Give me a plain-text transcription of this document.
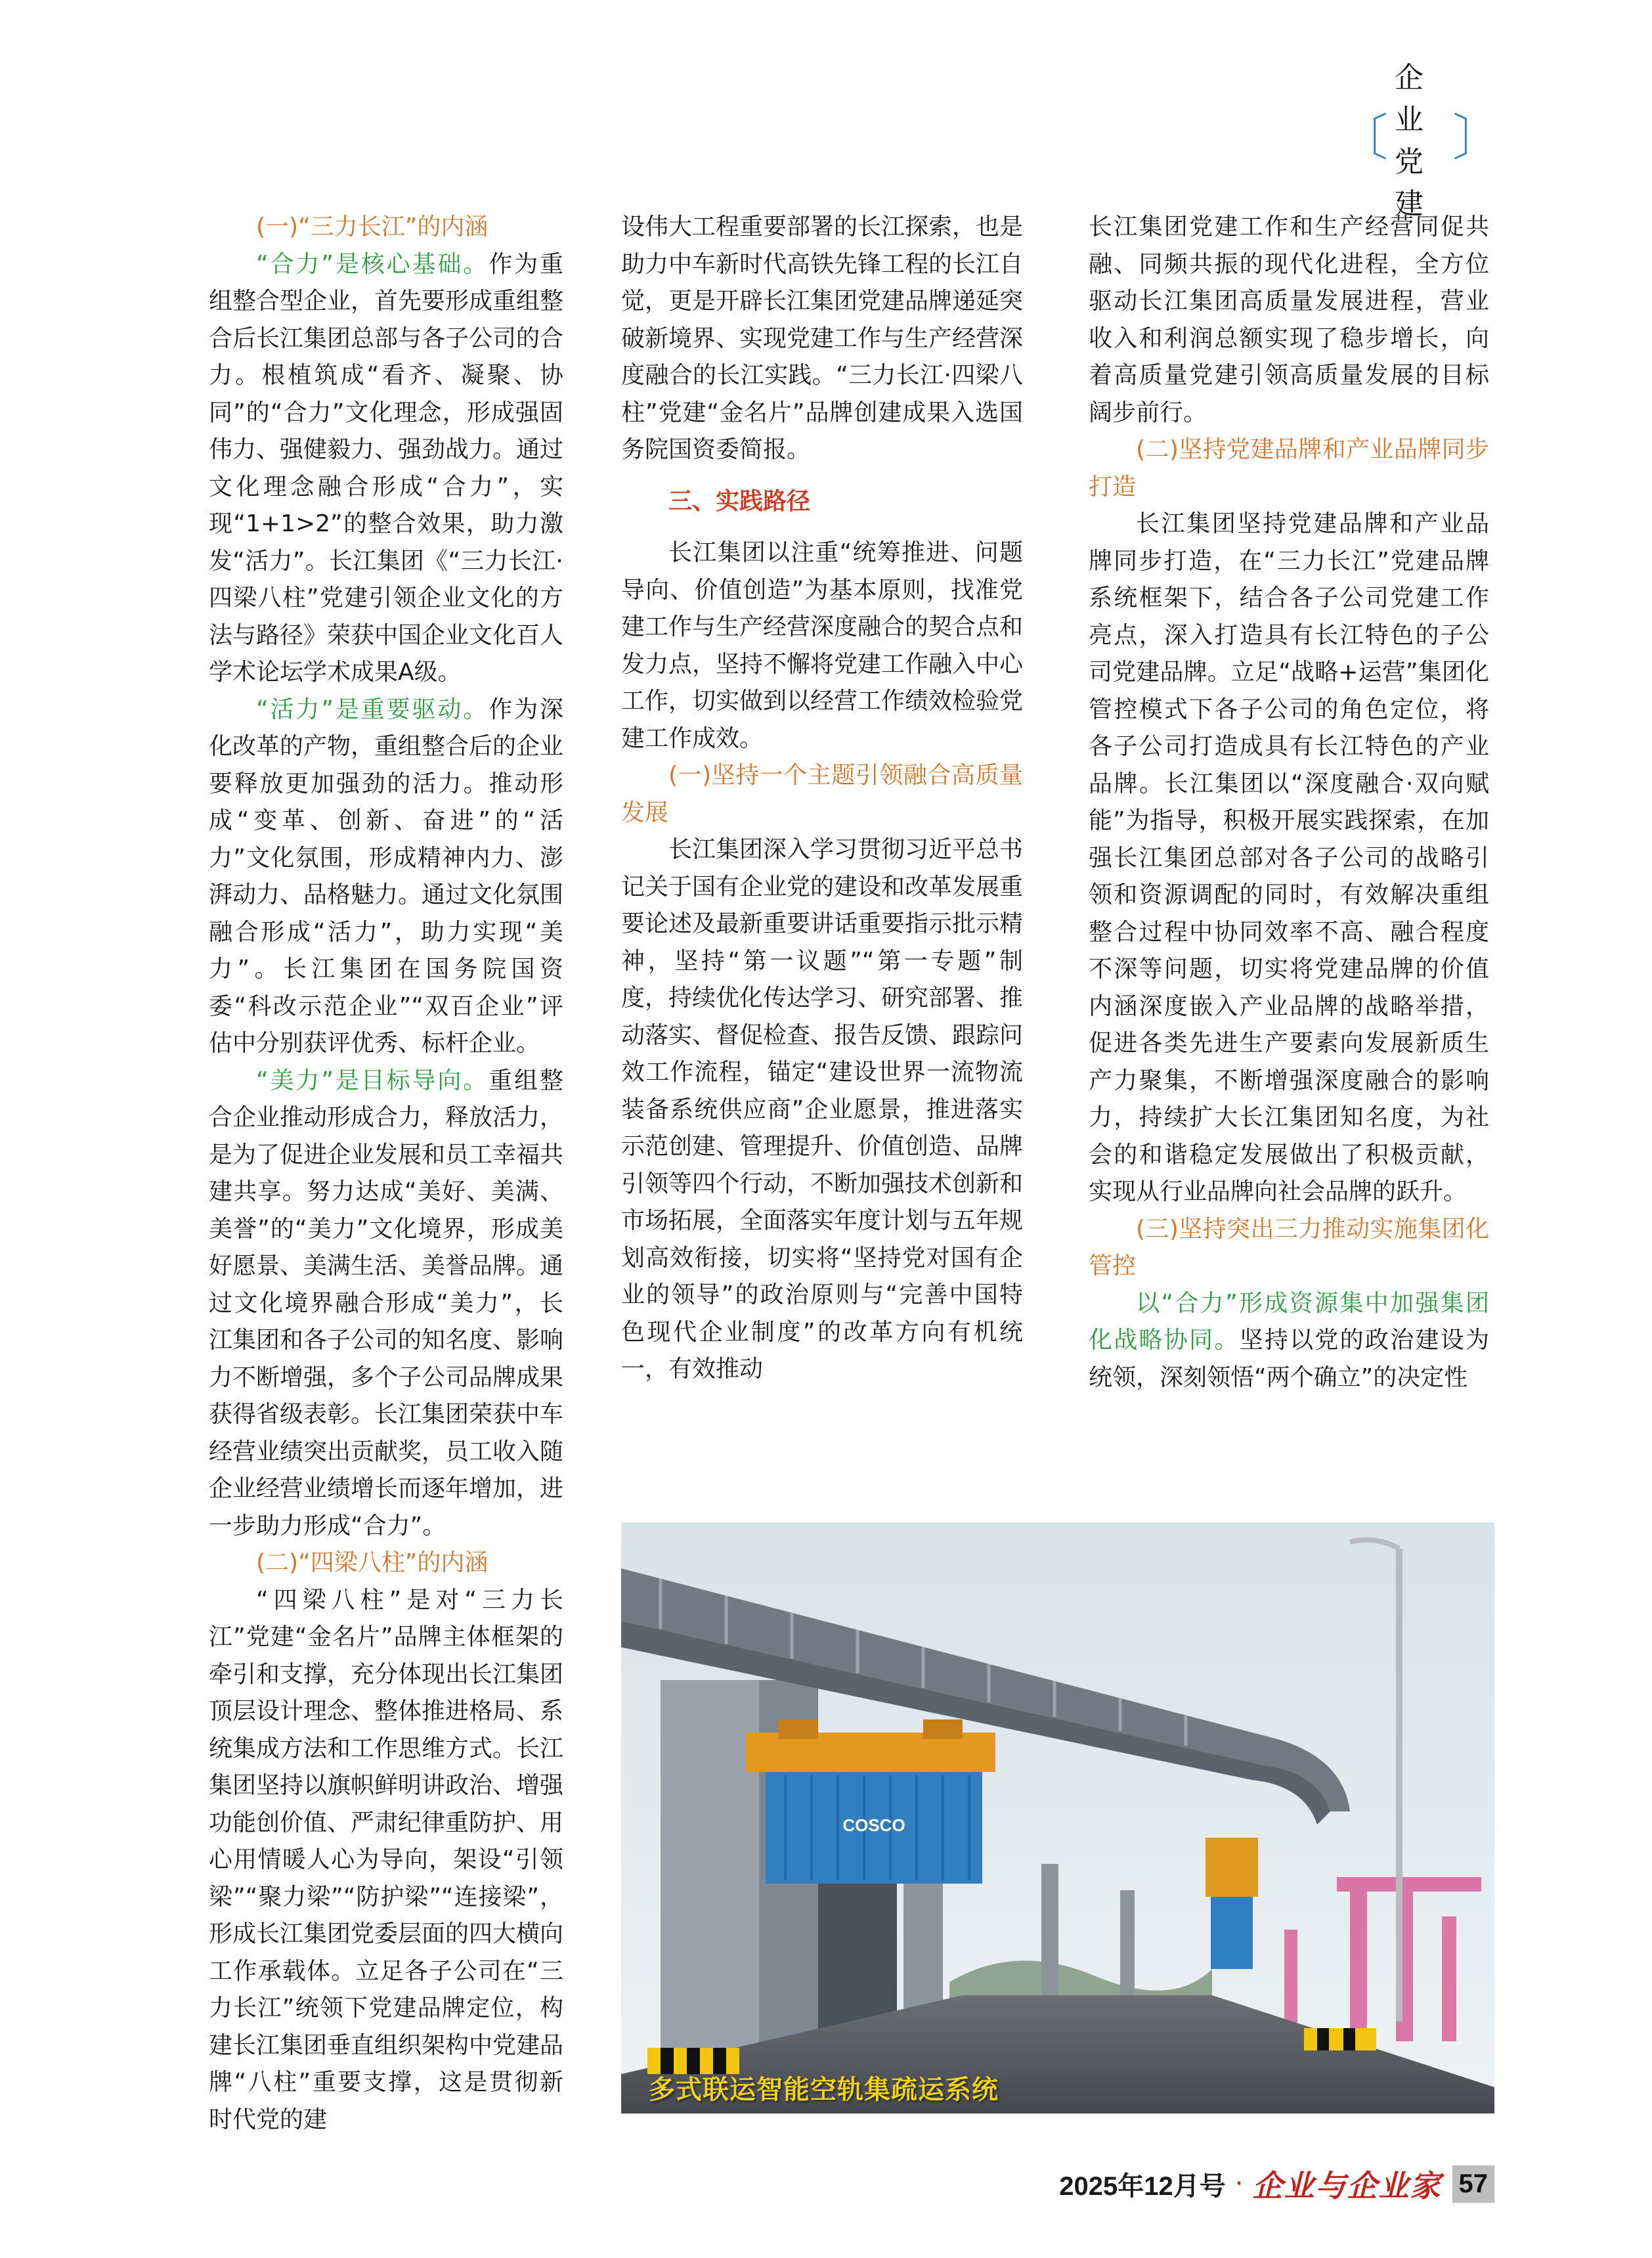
〔
企业党建
〕

(一)“三力长江”的内涵

“合力”是核心基础。作为重组整合型企业，首先要形成重组整合后长江集团总部与各子公司的合力。根植筑成“看齐、凝聚、协同”的“合力”文化理念，形成强固伟力、强健毅力、强劲战力。通过文化理念融合形成“合力”，实现“1+1>2”的整合效果，助力激发“活力”。长江集团《“三力长江·四梁八柱”党建引领企业文化的方法与路径》荣获中国企业文化百人学术论坛学术成果A级。

“活力”是重要驱动。作为深化改革的产物，重组整合后的企业要释放更加强劲的活力。推动形成“变革、创新、奋进”的“活力”文化氛围，形成精神内力、澎湃动力、品格魅力。通过文化氛围融合形成“活力”，助力实现“美力”。长江集团在国务院国资委“科改示范企业”“双百企业”评估中分别获评优秀、标杆企业。

“美力”是目标导向。重组整合企业推动形成合力，释放活力，是为了促进企业发展和员工幸福共建共享。努力达成“美好、美满、美誉”的“美力”文化境界，形成美好愿景、美满生活、美誉品牌。通过文化境界融合形成“美力”，长江集团和各子公司的知名度、影响力不断增强，多个子公司品牌成果获得省级表彰。长江集团荣获中车经营业绩突出贡献奖，员工收入随企业经营业绩增长而逐年增加，进一步助力形成“合力”。

(二)“四梁八柱”的内涵

“四梁八柱”是对“三力长江”党建“金名片”品牌主体框架的牵引和支撑，充分体现出长江集团顶层设计理念、整体推进格局、系统集成方法和工作思维方式。长江集团坚持以旗帜鲜明讲政治、增强功能创价值、严肃纪律重防护、用心用情暖人心为导向，架设“引领梁”“聚力梁”“防护梁”“连接梁”，形成长江集团党委层面的四大横向工作承载体。立足各子公司在“三力长江”统领下党建品牌定位，构建长江集团垂直组织架构中党建品牌“八柱”重要支撑，这是贯彻新时代党的建

设伟大工程重要部署的长江探索，也是助力中车新时代高铁先锋工程的长江自觉，更是开辟长江集团党建品牌递延突破新境界、实现党建工作与生产经营深度融合的长江实践。“三力长江·四梁八柱”党建“金名片”品牌创建成果入选国务院国资委简报。

三、实践路径

长江集团以注重“统筹推进、问题导向、价值创造”为基本原则，找准党建工作与生产经营深度融合的契合点和发力点，坚持不懈将党建工作融入中心工作，切实做到以经营工作绩效检验党建工作成效。

(一)坚持一个主题引领融合高质量发展

长江集团深入学习贯彻习近平总书记关于国有企业党的建设和改革发展重要论述及最新重要讲话重要指示批示精神，坚持“第一议题”“第一专题”制度，持续优化传达学习、研究部署、推动落实、督促检查、报告反馈、跟踪问效工作流程，锚定“建设世界一流物流装备系统供应商”企业愿景，推进落实示范创建、管理提升、价值创造、品牌引领等四个行动，不断加强技术创新和市场拓展，全面落实年度计划与五年规划高效衔接，切实将“坚持党对国有企业的领导”的政治原则与“完善中国特色现代企业制度”的改革方向有机统一，有效推动

长江集团党建工作和生产经营同促共融、同频共振的现代化进程，全方位驱动长江集团高质量发展进程，营业收入和利润总额实现了稳步增长，向着高质量党建引领高质量发展的目标阔步前行。

(二)坚持党建品牌和产业品牌同步打造

长江集团坚持党建品牌和产业品牌同步打造，在“三力长江”党建品牌系统框架下，结合各子公司党建工作亮点，深入打造具有长江特色的子公司党建品牌。立足“战略+运营”集团化管控模式下各子公司的角色定位，将各子公司打造成具有长江特色的产业品牌。长江集团以“深度融合·双向赋能”为指导，积极开展实践探索，在加强长江集团总部对各子公司的战略引领和资源调配的同时，有效解决重组整合过程中协同效率不高、融合程度不深等问题，切实将党建品牌的价值内涵深度嵌入产业品牌的战略举措，促进各类先进生产要素向发展新质生产力聚集，不断增强深度融合的影响力，持续扩大长江集团知名度，为社会的和谐稳定发展做出了积极贡献，实现从行业品牌向社会品牌的跃升。

(三)坚持突出三力推动实施集团化管控

以“合力”形成资源集中加强集团化战略协同。坚持以党的政治建设为统领，深刻领悟“两个确立”的决定性

COSCO
多式联运智能空轨集疏运系统
2025年12月号 · 企业与企业家 57
